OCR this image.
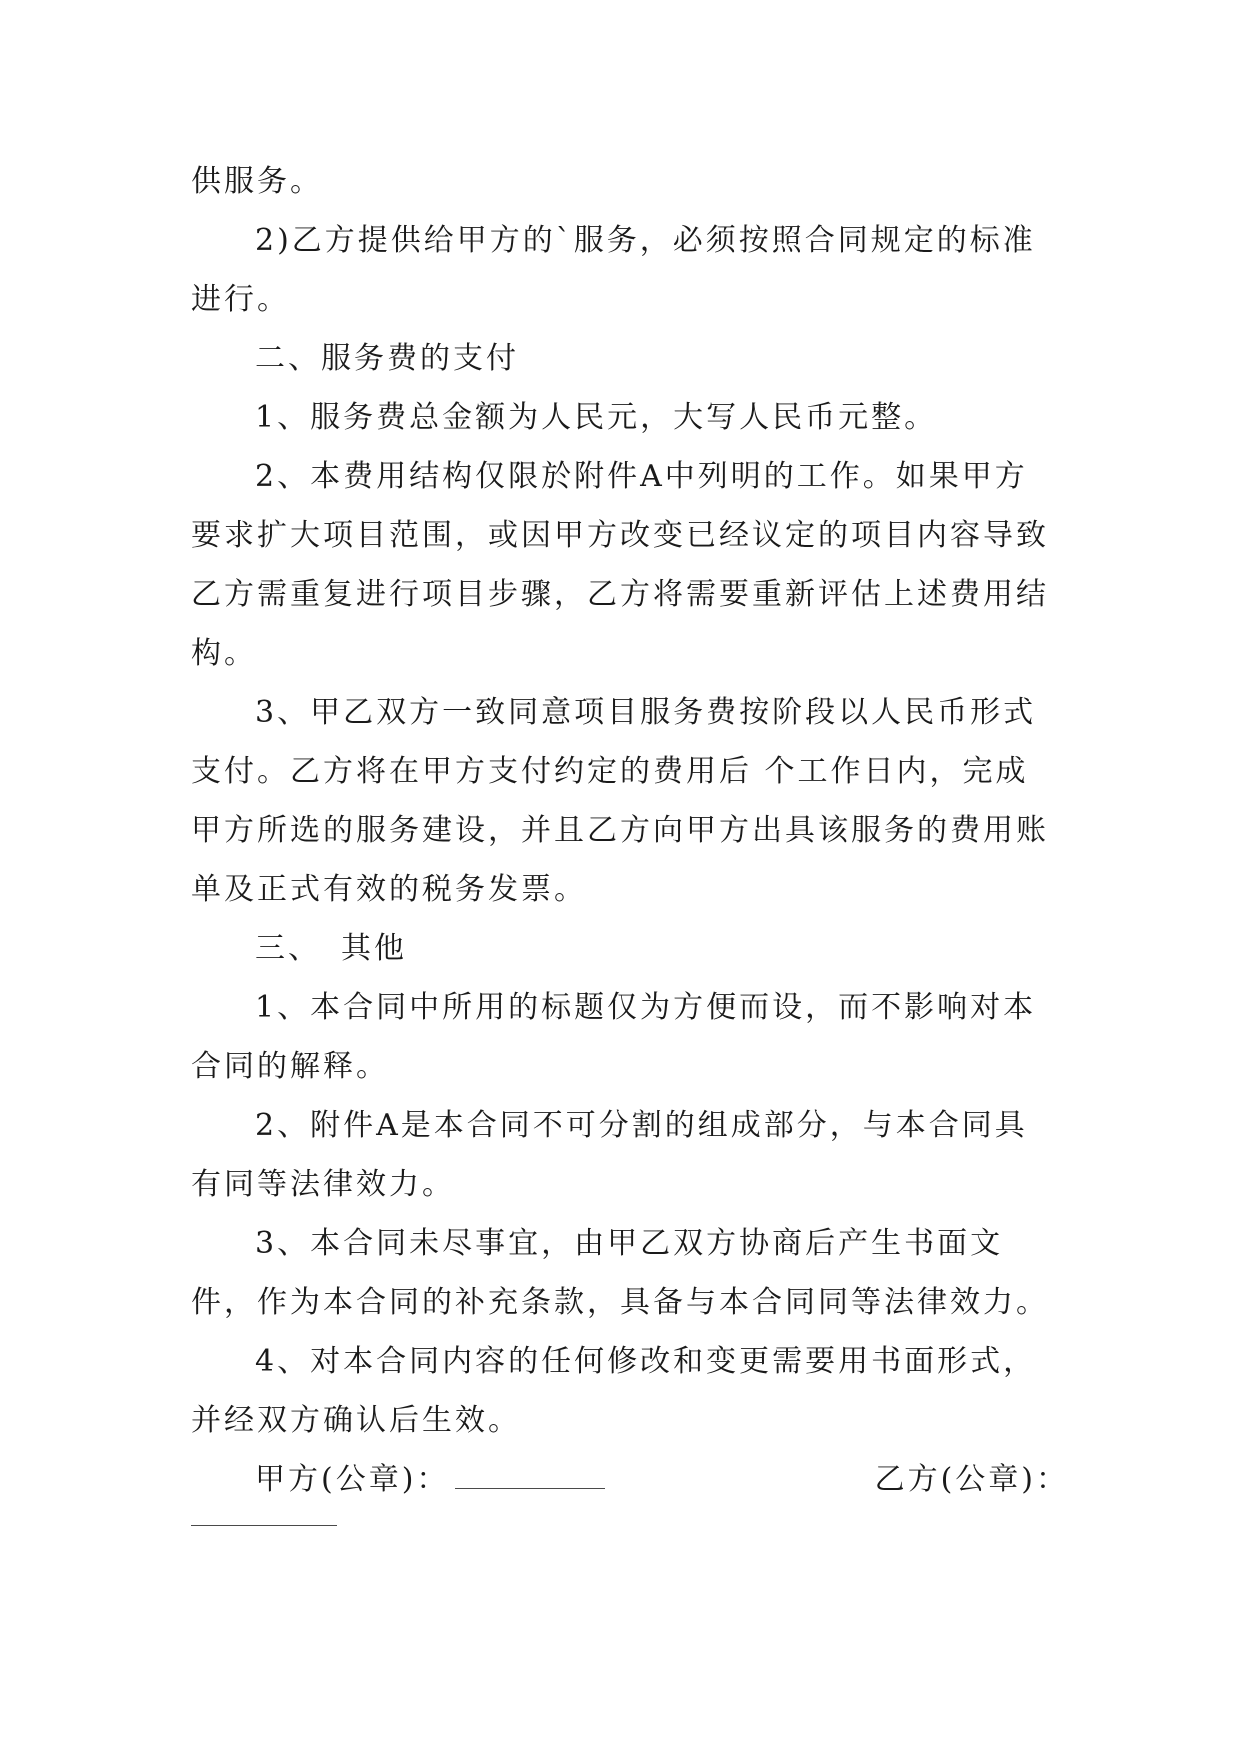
供服务。

2)乙方提供给甲方的`服务，必须按照合同规定的标准进行。

二、服务费的支付

1、服务费总金额为人民元，大写人民币元整。

2、本费用结构仅限於附件A中列明的工作。如果甲方要求扩大项目范围，或因甲方改变已经议定的项目内容导致乙方需重复进行项目步骤，乙方将需要重新评估上述费用结构。

3、甲乙双方一致同意项目服务费按阶段以人民币形式支付。乙方将在甲方支付约定的费用后 个工作日内，完成甲方所选的服务建设，并且乙方向甲方出具该服务的费用账单及正式有效的税务发票。

三、 其他

1、本合同中所用的标题仅为方便而设，而不影响对本合同的解释。

2、附件A是本合同不可分割的组成部分，与本合同具有同等法律效力。

3、本合同未尽事宜，由甲乙双方协商后产生书面文件，作为本合同的补充条款，具备与本合同同等法律效力。

4、对本合同内容的任何修改和变更需要用书面形式，并经双方确认后生效。

甲方(公章)：	乙方(公章)：
